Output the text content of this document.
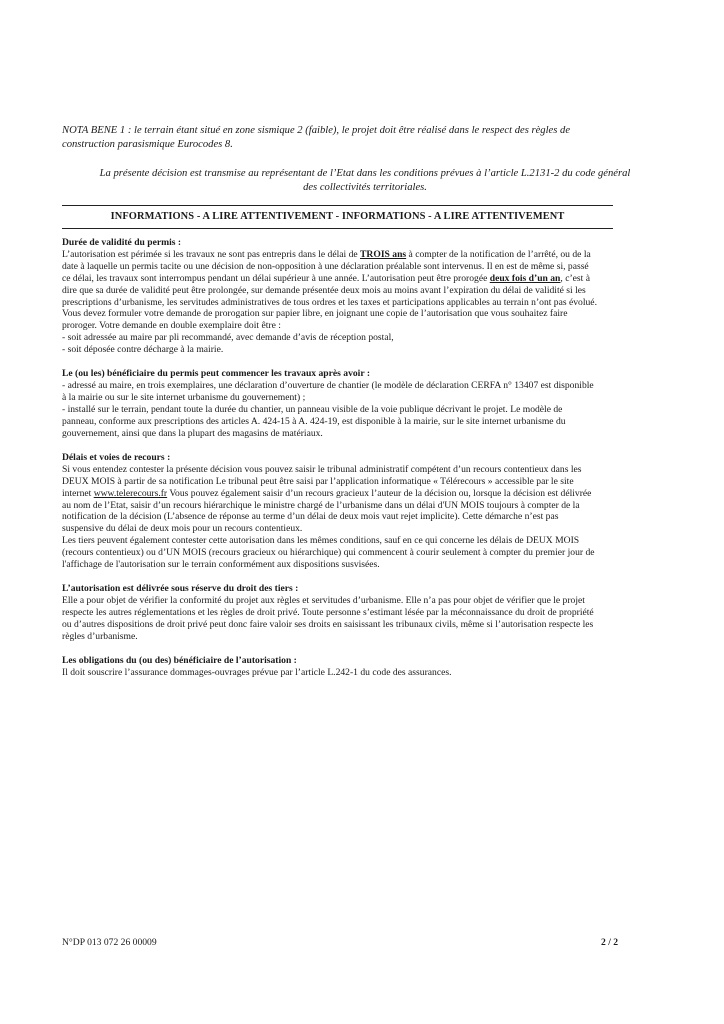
NOTA BENE 1 : le terrain étant situé en zone sismique 2 (faible), le projet doit être réalisé dans le respect des règles de
construction parasismique Eurocodes 8.
La présente décision est transmise au représentant de l’Etat dans les conditions prévues à l’article L.2131-2 du code général
des collectivités territoriales.
INFORMATIONS - A LIRE ATTENTIVEMENT - INFORMATIONS - A LIRE ATTENTIVEMENT
Durée de validité du permis :
L’autorisation est périmée si les travaux ne sont pas entrepris dans le délai de TROIS ans à compter de la notification de l’arrêté, ou de la
date à laquelle un permis tacite ou une décision de non-opposition à une déclaration préalable sont intervenus. Il en est de même si, passé
ce délai, les travaux sont interrompus pendant un délai supérieur à une année. L’autorisation peut être prorogée deux fois d’un an, c’est à
dire que sa durée de validité peut être prolongée, sur demande présentée deux mois au moins avant l’expiration du délai de validité si les
prescriptions d’urbanisme, les servitudes administratives de tous ordres et les taxes et participations applicables au terrain n’ont pas évolué.
Vous devez formuler votre demande de prorogation sur papier libre, en joignant une copie de l’autorisation que vous souhaitez faire
proroger. Votre demande en double exemplaire doit être :
- soit adressée au maire par pli recommandé, avec demande d’avis de réception postal,
- soit déposée contre décharge à la mairie.
Le (ou les) bénéficiaire du permis peut commencer les travaux après avoir :
- adressé au maire, en trois exemplaires, une déclaration d’ouverture de chantier (le modèle de déclaration CERFA n° 13407 est disponible
à la mairie ou sur le site internet urbanisme du gouvernement) ;
- installé sur le terrain, pendant toute la durée du chantier, un panneau visible de la voie publique décrivant le projet. Le modèle de
panneau, conforme aux prescriptions des articles A. 424-15 à A. 424-19, est disponible à la mairie, sur le site internet urbanisme du
gouvernement, ainsi que dans la plupart des magasins de matériaux.
Délais et voies de recours :
Si vous entendez contester la présente décision vous pouvez saisir le tribunal administratif compétent d’un recours contentieux dans les
DEUX MOIS à partir de sa notification Le tribunal peut être saisi par l’application informatique « Télérecours » accessible par le site
internet www.telerecours.fr Vous pouvez également saisir d’un recours gracieux l’auteur de la décision ou, lorsque la décision est délivrée
au nom de l’Etat, saisir d’un recours hiérarchique le ministre chargé de l’urbanisme dans un délai d'UN MOIS toujours à compter de la
notification de la décision (L’absence de réponse au terme d’un délai de deux mois vaut rejet implicite). Cette démarche n’est pas
suspensive du délai de deux mois pour un recours contentieux.
Les tiers peuvent également contester cette autorisation dans les mêmes conditions, sauf en ce qui concerne les délais de DEUX MOIS
(recours contentieux) ou d’UN MOIS (recours gracieux ou hiérarchique) qui commencent à courir seulement à compter du premier jour de
l'affichage de l'autorisation sur le terrain conformément aux dispositions susvisées.
L’autorisation est délivrée sous réserve du droit des tiers :
Elle a pour objet de vérifier la conformité du projet aux règles et servitudes d’urbanisme. Elle n’a pas pour objet de vérifier que le projet
respecte les autres réglementations et les règles de droit privé. Toute personne s’estimant lésée par la méconnaissance du droit de propriété
ou d’autres dispositions de droit privé peut donc faire valoir ses droits en saisissant les tribunaux civils, même si l’autorisation respecte les
règles d’urbanisme.
Les obligations du (ou des) bénéficiaire de l’autorisation :
Il doit souscrire l’assurance dommages-ouvrages prévue par l’article L.242-1 du code des assurances.
N°DP 013 072 26 00009	2 / 2
